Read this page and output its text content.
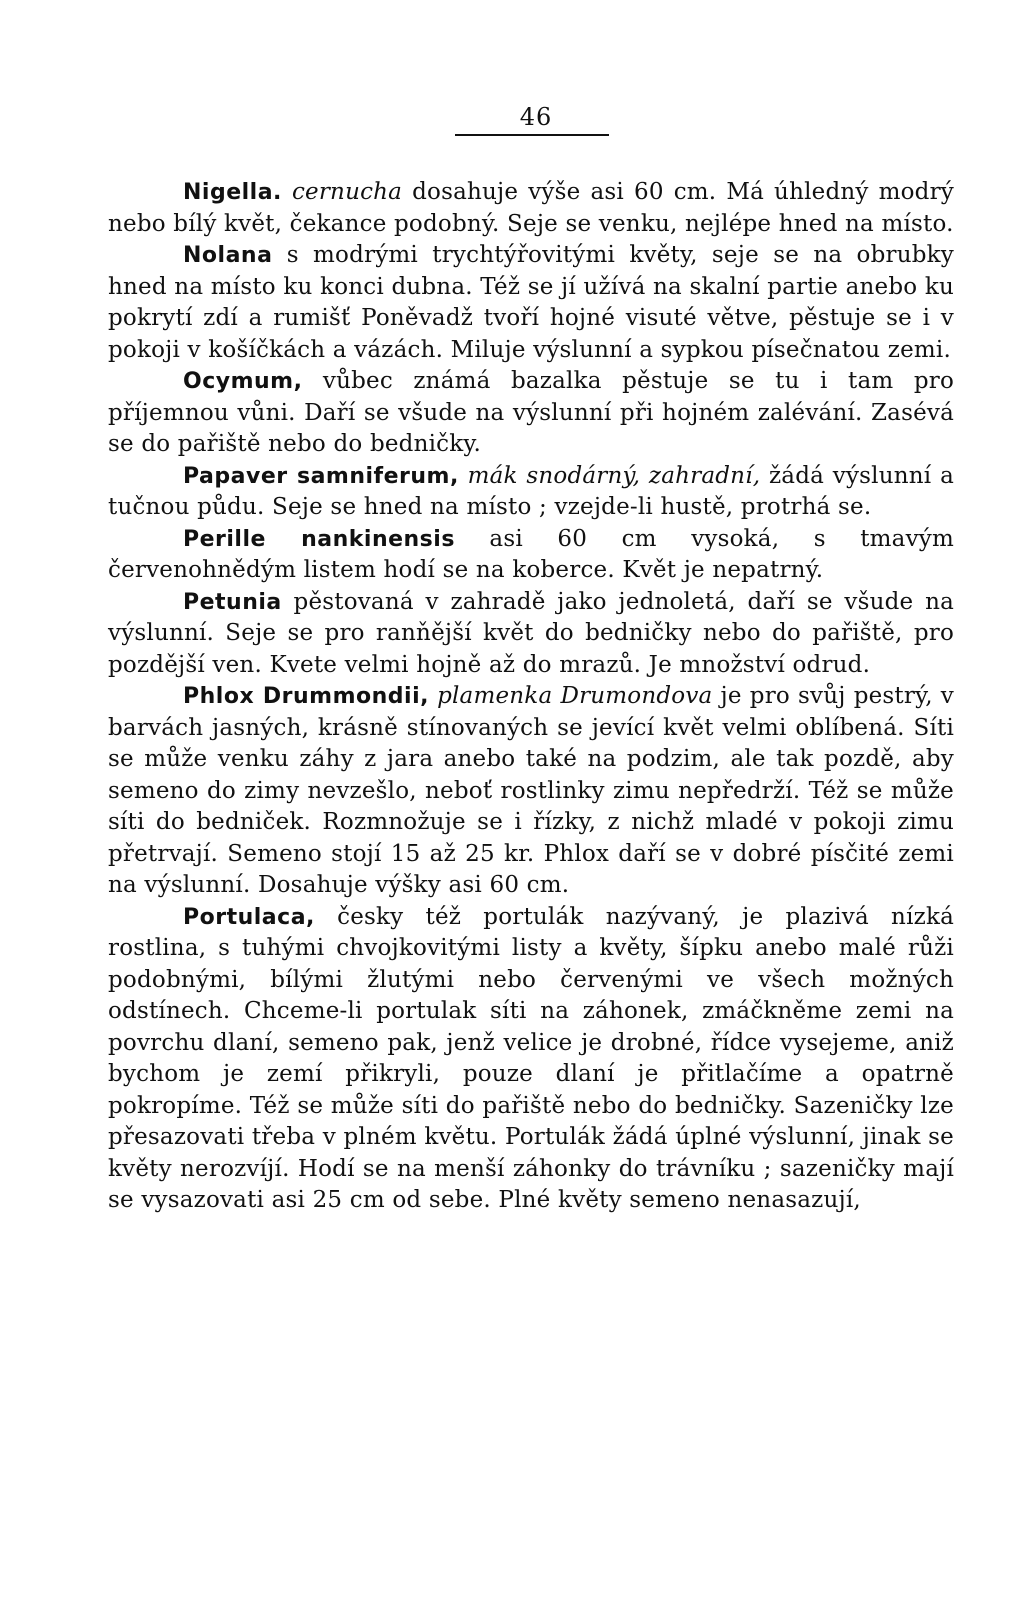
46

Nigella. cernucha dosahuje výše asi 60 cm. Má úhledný modrý nebo bílý květ, čekance podobný. Seje se venku, nejlépe hned na místo.

Nolana s modrými trychtýřovitými květy, seje se na obrubky hned na místo ku konci dubna. Též se jí užívá na skalní partie anebo ku pokrytí zdí a rumišť Poněvadž tvoří hojné visuté větve, pěstuje se i v pokoji v košíčkách a vázách. Miluje výslunní a sypkou písečnatou zemi.

Ocymum, vůbec známá bazalka pěstuje se tu i tam pro příjemnou vůni. Daří se všude na výslunní při hojném zalévání. Zasévá se do pařiště nebo do bedničky.

Papaver samniferum, mák snodárný, zahradní, žádá výslunní a tučnou půdu. Seje se hned na místo ; vzejde-li hustě, protrhá se.

Perille nankinensis asi 60 cm vysoká, s tmavým červenohnědým listem hodí se na koberce. Květ je nepatrný.

Petunia pěstovaná v zahradě jako jednoletá, daří se všude na výslunní. Seje se pro ranňější květ do bedničky nebo do pařiště, pro pozdější ven. Kvete velmi hojně až do mrazů. Je množství odrud.

Phlox Drummondii, plamenka Drumondova je pro svůj pestrý, v barvách jasných, krásně stínovaných se jevící květ velmi oblíbená. Síti se může venku záhy z jara anebo také na podzim, ale tak pozdě, aby semeno do zimy nevzešlo, neboť rostlinky zimu nepředrží. Též se může síti do bedniček. Rozmnožuje se i řízky, z nichž mladé v pokoji zimu přetrvají. Semeno stojí 15 až 25 kr. Phlox daří se v dobré písčité zemi na výslunní. Dosahuje výšky asi 60 cm.

Portulaca, česky též portulák nazývaný, je plazivá nízká rostlina, s tuhými chvojkovitými listy a květy, šípku anebo malé růži podobnými, bílými žlutými nebo červenými ve všech možných odstínech. Chceme-li portulak síti na záhonek, zmáčkněme zemi na povrchu dlaní, semeno pak, jenž velice je drobné, řídce vysejeme, aniž bychom je zemí přikryli, pouze dlaní je přitlačíme a opatrně pokropíme. Též se může síti do pařiště nebo do bedničky. Sazeničky lze přesazovati třeba v plném květu. Portulák žádá úplné výslunní, jinak se květy nerozvíjí. Hodí se na menší záhonky do trávníku ; sazeničky mají se vysazovati asi 25 cm od sebe. Plné květy semeno nenasazují,
